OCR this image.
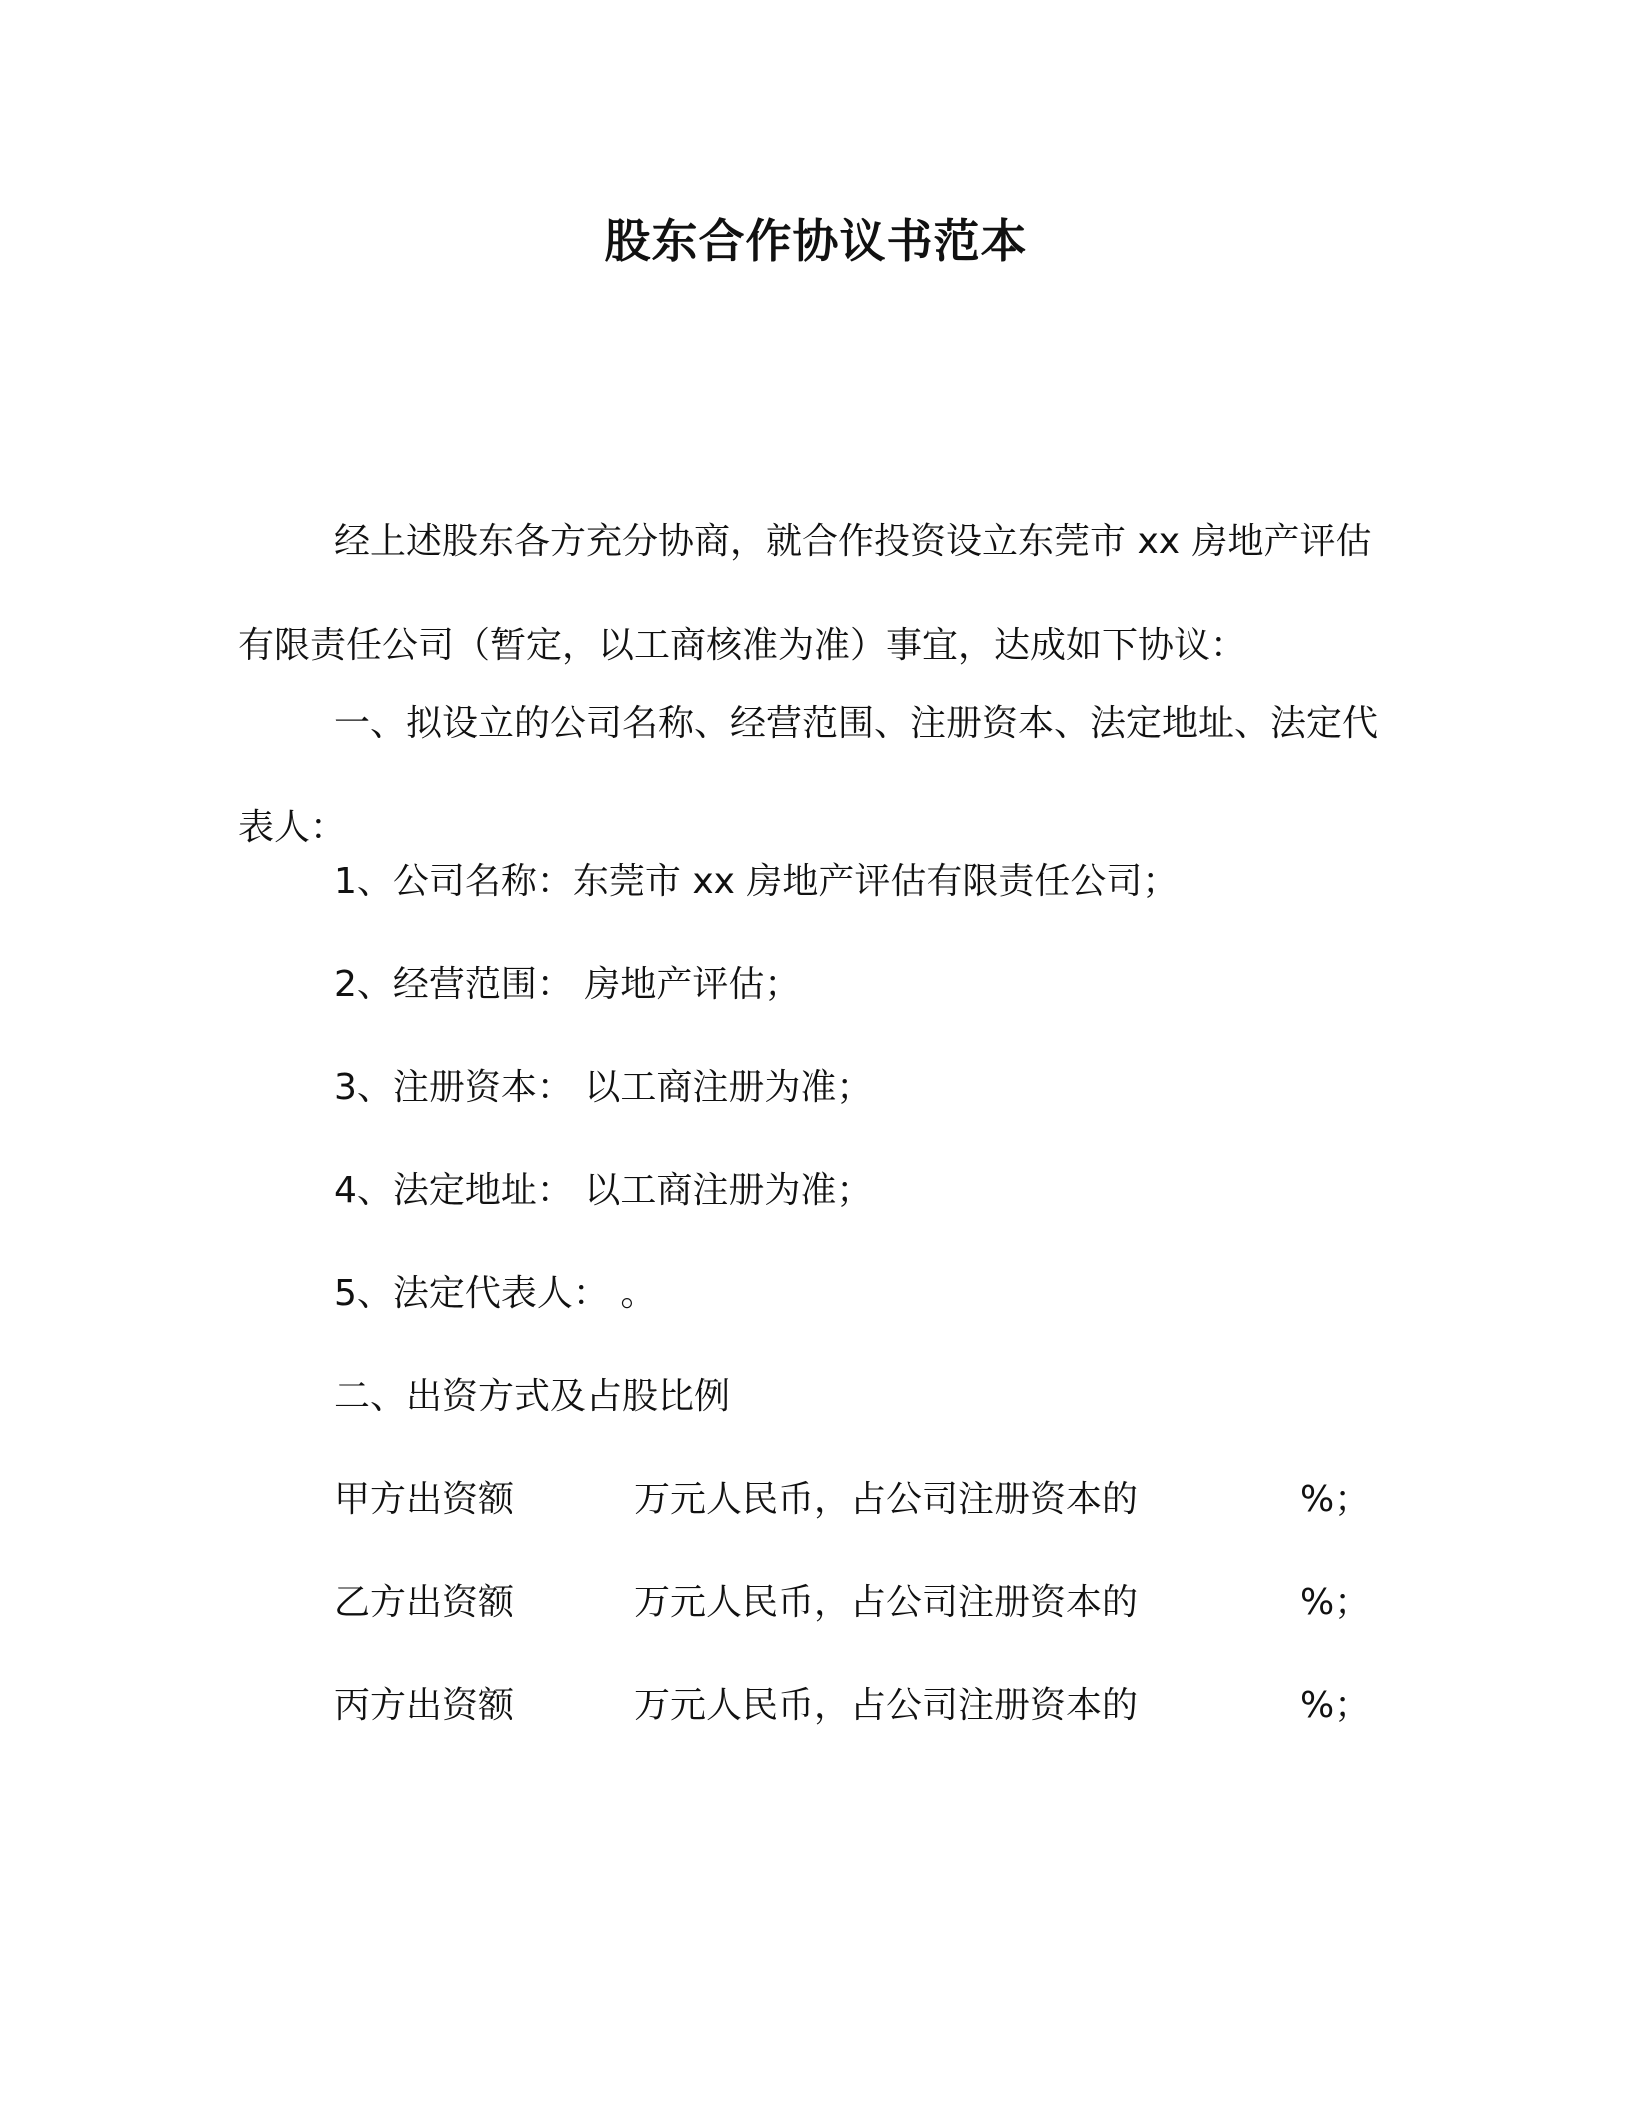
股东合作协议书范本

经上述股东各方充分协商，就合作投资设立东莞市 xx 房地产评估有限责任公司（暂定，以工商核准为准）事宜，达成如下协议：

一、拟设立的公司名称、经营范围、注册资本、法定地址、法定代表人：

1、公司名称：东莞市 xx 房地产评估有限责任公司；
2、经营范围： 房地产评估；
3、注册资本： 以工商注册为准；
4、法定地址： 以工商注册为准；
5、法定代表人： 。
二、出资方式及占股比例
甲方出资额	万元人民币，占公司注册资本的	%；
乙方出资额	万元人民币，占公司注册资本的	%；
丙方出资额	万元人民币，占公司注册资本的	%；
